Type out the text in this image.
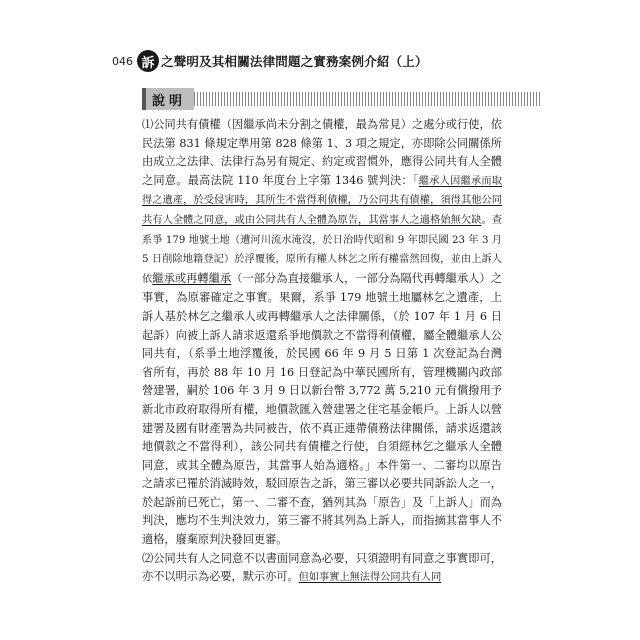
046 訴 之聲明及其相關法律問題之實務案例介紹（上）
說明

⑴公同共有債權（因繼承尚未分割之債權，最為常見）之處分或行使，依民法第 831 條規定準用第 828 條第 1、3 項之規定，亦即除公同關係所由成立之法律、法律行為另有規定、約定或習慣外，應得公同共有人全體之同意。最高法院 110 年度台上字第 1346 號判決：「繼承人因繼承而取得之遺產，於受侵害時，其所生不當得利債權，乃公同共有債權，須得其他公同共有人全體之同意，或由公同共有人全體為原告，其當事人之適格始無欠缺。查系爭 179 地號土地（遭河川流水淹沒，於日治時代昭和 9 年即民國 23 年 3 月 5 日削除地籍登記）於浮覆後，原所有權人林乞之所有權當然回復，並由上訴人依繼承或再轉繼承（一部分為直接繼承人，一部分為隔代再轉繼承人）之事實，為原審確定之事實。果爾，系爭 179 地號土地屬林乞之遺產，上訴人基於林乞之繼承人或再轉繼承人之法律關係，（於 107 年 1 月 6 日起訴）向被上訴人請求返還系爭地價款之不當得利債權，屬全體繼承人公同共有，（系爭土地浮覆後，於民國 66 年 9 月 5 日第 1 次登記為台灣省所有，再於 88 年 10 月 16 日登記為中華民國所有，管理機關內政部營建署，嗣於 106 年 3 月 9 日以新台幣 3,772 萬 5,210 元有償撥用予新北市政府取得所有權，地價款匯入營建署之住宅基金帳戶。上訴人以營建署及國有財產署為共同被告，依不真正連帶債務法律關係，請求返還該地價款之不當得利），該公同共有債權之行使，自須經林乞之繼承人全體同意，或其全體為原告，其當事人始為適格。」本件第一、二審均以原告之請求已罹於消滅時效，駁回原告之訴，第三審以必要共同訴訟人之一，於起訴前已死亡，第一、二審不查，猶列其為「原告」及「上訴人」而為判決，應均不生判決效力，第三審不將其列為上訴人，而指摘其當事人不適格，廢棄原判決發回更審。

⑵公同共有人之同意不以書面同意為必要，只須證明有同意之事實即可，亦不以明示為必要，默示亦可。但如事實上無法得公同共有人同
